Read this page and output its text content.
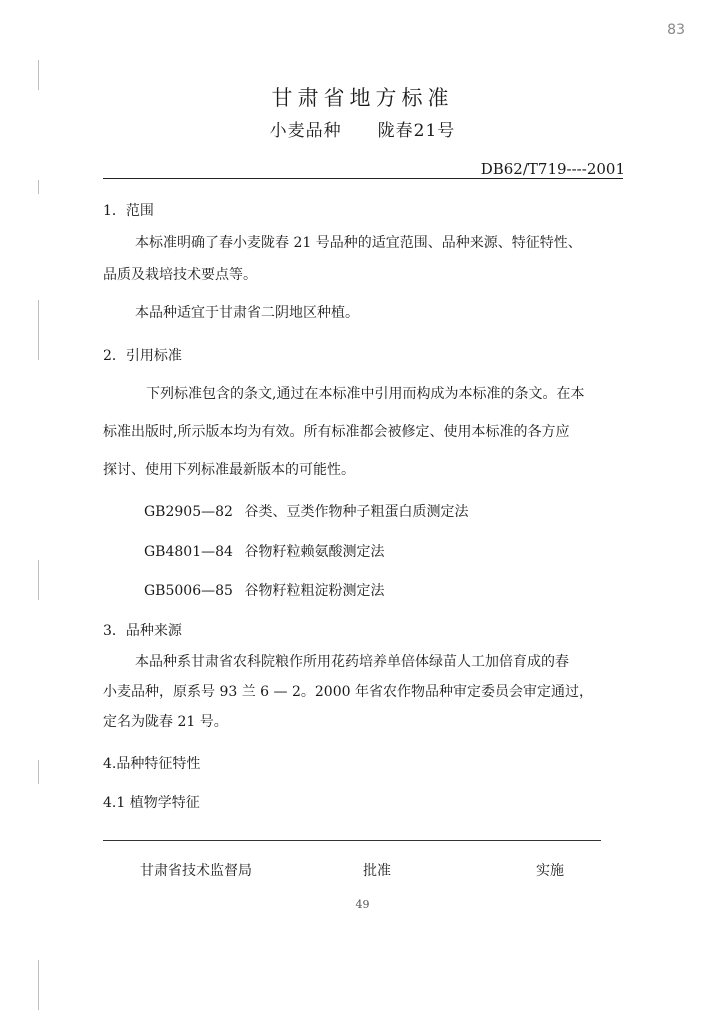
83
甘肃省地方标准
小麦品种　　陇春21号
DB62/T719----2001
1．范围
本标准明确了春小麦陇春 21 号品种的适宜范围、品种来源、特征特性、
品质及栽培技术要点等。
本品种适宜于甘肃省二阴地区种植。
2．引用标准
下列标准包含的条文,通过在本标准中引用而构成为本标准的条文。在本
标准出版时,所示版本均为有效。所有标准都会被修定、使用本标准的各方应
探讨、使用下列标准最新版本的可能性。
GB2905—82 谷类、豆类作物种子粗蛋白质测定法
GB4801—84 谷物籽粒赖氨酸测定法
GB5006—85 谷物籽粒粗淀粉测定法
3．品种来源
本品种系甘肃省农科院粮作所用花药培养单倍体绿苗人工加倍育成的春
小麦品种，原系号 93 兰 6 — 2。2000 年省农作物品种审定委员会审定通过，
定名为陇春 21 号。
4.品种特征特性
4.1 植物学特征
甘肃省技术监督局	批准	实施
49
